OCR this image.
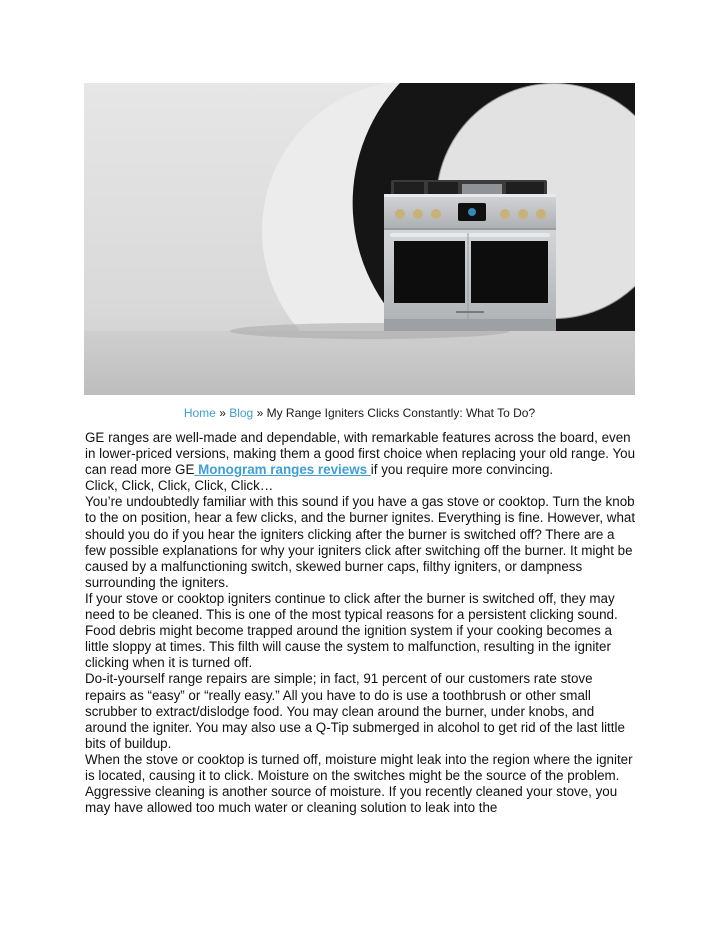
Home » Blog » My Range Igniters Clicks Constantly: What To Do?

GE ranges are well-made and dependable, with remarkable features across the board, even in lower-priced versions, making them a good first choice when replacing your old range. You can read more GE Monogram ranges reviews if you require more convincing.

Click, Click, Click, Click, Click…

You’re undoubtedly familiar with this sound if you have a gas stove or cooktop. Turn the knob to the on position, hear a few clicks, and the burner ignites. Everything is fine. However, what should you do if you hear the igniters clicking after the burner is switched off? There are a few possible explanations for why your igniters click after switching off the burner. It might be caused by a malfunctioning switch, skewed burner caps, filthy igniters, or dampness surrounding the igniters.

If your stove or cooktop igniters continue to click after the burner is switched off, they may need to be cleaned. This is one of the most typical reasons for a persistent clicking sound. Food debris might become trapped around the ignition system if your cooking becomes a little sloppy at times. This filth will cause the system to malfunction, resulting in the igniter clicking when it is turned off.

Do-it-yourself range repairs are simple; in fact, 91 percent of our customers rate stove repairs as “easy” or “really easy.” All you have to do is use a toothbrush or other small scrubber to extract/dislodge food. You may clean around the burner, under knobs, and around the igniter. You may also use a Q-Tip submerged in alcohol to get rid of the last little bits of buildup.

When the stove or cooktop is turned off, moisture might leak into the region where the igniter is located, causing it to click. Moisture on the switches might be the source of the problem. Aggressive cleaning is another source of moisture. If you recently cleaned your stove, you may have allowed too much water or cleaning solution to leak into the
